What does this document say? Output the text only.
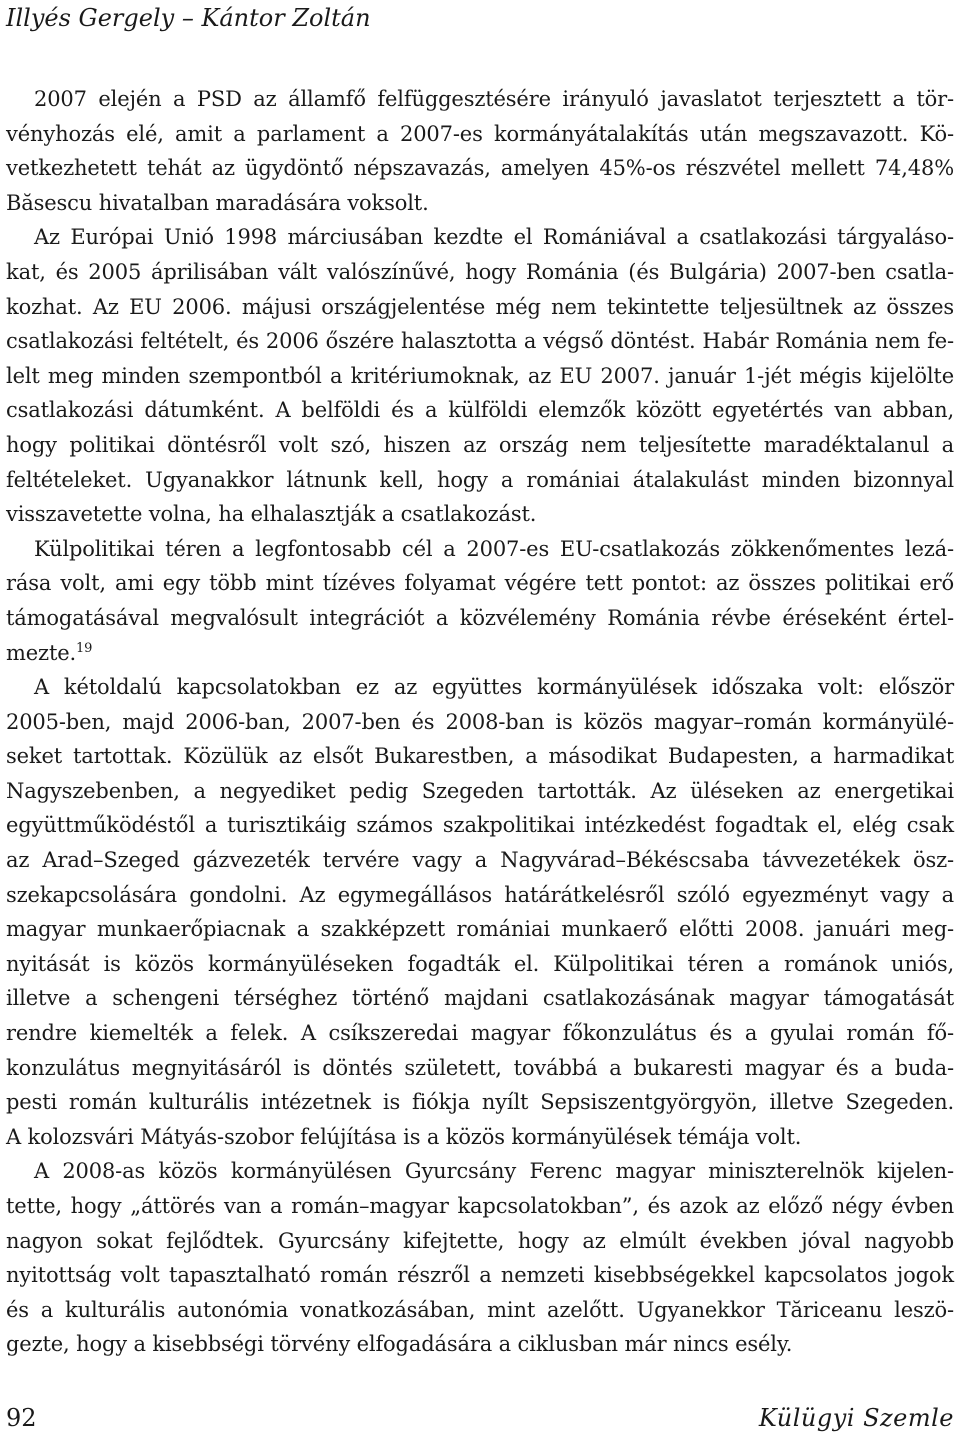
Illyés Gergely – Kántor Zoltán
2007 elején a PSD az államfő felfüggesztésére irányuló javaslatot terjesztett a tör-
vényhozás elé, amit a parlament a 2007-es kormányátalakítás után megszavazott. Kö-
vetkezhetett tehát az ügydöntő népszavazás, amelyen 45%-os részvétel mellett 74,48%
Băsescu hivatalban maradására voksolt.
Az Európai Unió 1998 márciusában kezdte el Romániával a csatlakozási tárgyaláso-
kat, és 2005 áprilisában vált valószínűvé, hogy Románia (és Bulgária) 2007-ben csatla-
kozhat. Az EU 2006. májusi országjelentése még nem tekintette teljesültnek az összes
csatlakozási feltételt, és 2006 őszére halasztotta a végső döntést. Habár Románia nem fe-
lelt meg minden szempontból a kritériumoknak, az EU 2007. január 1-jét mégis kijelölte
csatlakozási dátumként. A belföldi és a külföldi elemzők között egyetértés van abban,
hogy politikai döntésről volt szó, hiszen az ország nem teljesítette maradéktalanul a
feltételeket. Ugyanakkor látnunk kell, hogy a romániai átalakulást minden bizonnyal
visszavetette volna, ha elhalasztják a csatlakozást.
Külpolitikai téren a legfontosabb cél a 2007-es EU-csatlakozás zökkenőmentes lezá-
rása volt, ami egy több mint tízéves folyamat végére tett pontot: az összes politikai erő
támogatásával megvalósult integrációt a közvélemény Románia révbe éréseként értel-
mezte.$^{19}$
A kétoldalú kapcsolatokban ez az együttes kormányülések időszaka volt: először
2005-ben, majd 2006-ban, 2007-ben és 2008-ban is közös magyar–román kormányülé-
seket tartottak. Közülük az elsőt Bukarestben, a másodikat Budapesten, a harmadikat
Nagyszebenben, a negyediket pedig Szegeden tartották. Az üléseken az energetikai
együttműködéstől a turisztikáig számos szakpolitikai intézkedést fogadtak el, elég csak
az Arad–Szeged gázvezeték tervére vagy a Nagyvárad–Békéscsaba távvezetékek ösz-
szekapcsolására gondolni. Az egymegállásos határátkelésről szóló egyezményt vagy a
magyar munkaerőpiacnak a szakképzett romániai munkaerő előtti 2008. januári meg-
nyitását is közös kormányüléseken fogadták el. Külpolitikai téren a románok uniós,
illetve a schengeni térséghez történő majdani csatlakozásának magyar támogatását
rendre kiemelték a felek. A csíkszeredai magyar főkonzulátus és a gyulai román fő-
konzulátus megnyitásáról is döntés született, továbbá a bukaresti magyar és a buda-
pesti román kulturális intézetnek is fiókja nyílt Sepsiszentgyörgyön, illetve Szegeden.
A kolozsvári Mátyás-szobor felújítása is a közös kormányülések témája volt.
A 2008-as közös kormányülésen Gyurcsány Ferenc magyar miniszterelnök kijelen-
tette, hogy „áttörés van a román–magyar kapcsolatokban”, és azok az előző négy évben
nagyon sokat fejlődtek. Gyurcsány kifejtette, hogy az elmúlt években jóval nagyobb
nyitottság volt tapasztalható román részről a nemzeti kisebbségekkel kapcsolatos jogok
és a kulturális autonómia vonatkozásában, mint azelőtt. Ugyanekkor Tăriceanu leszö-
gezte, hogy a kisebbségi törvény elfogadására a ciklusban már nincs esély.
92	Külügyi Szemle
